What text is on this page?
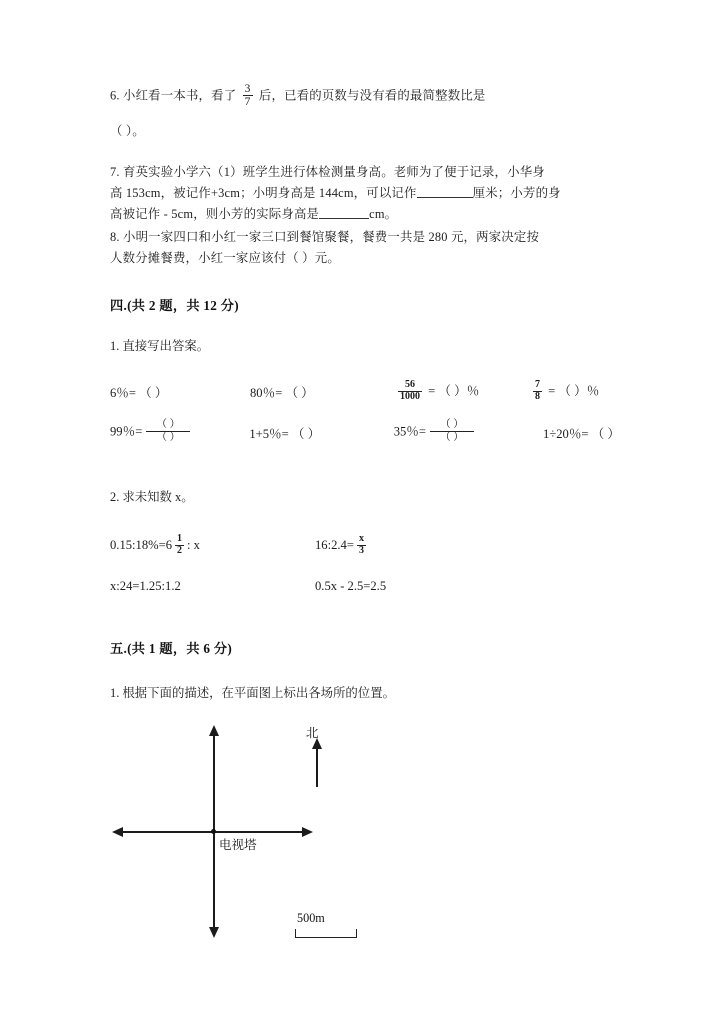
6. 小红看一本书，看了 $\frac{3}{7}$ 后，已看的页数与没有看的最简整数比是
（ ）。
7. 育英实验小学六（1）班学生进行体检测量身高。老师为了便于记录，小华身
高 153cm，被记作+3cm；小明身高是 144cm，可以记作	厘米；小芳的身
高被记作 - 5cm，则小芳的实际身高是	cm。
8. 小明一家四口和小红一家三口到餐馆聚餐，餐费一共是 280 元，两家决定按
人数分摊餐费，小红一家应该付（ ）元。
四.(共 2 题，共 12 分)
1. 直接写出答案。
6％= （ ）	80％= （ ）	$\frac{56}{1000}$ = （ ）％	$\frac{7}{8}$ = （ ）％
99％= $\frac{( )}{( )}$	1+5％= （ ）	35％= $\frac{( )}{( )}$	1÷20％= （ ）
2. 求未知数 x。
0.15:18%=6 $\frac{1}{2}$ : x	16:2.4= $\frac{x}{3}$
x:24=1.25:1.2	0.5x - 2.5=2.5
五.(共 1 题，共 6 分)
1. 根据下面的描述，在平面图上标出各场所的位置。
北
电视塔
500m
